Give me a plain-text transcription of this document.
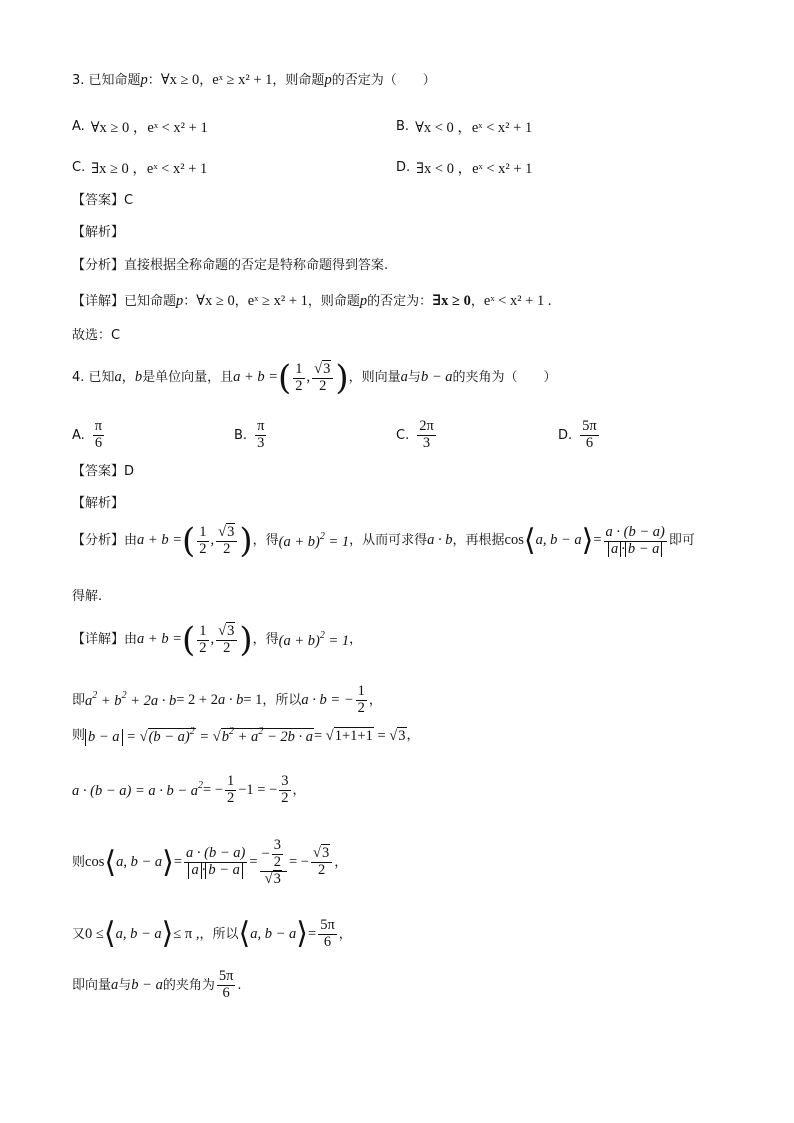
3. 已知命题 p ： ∀x ≥ 0 ， eˣ ≥ x² + 1 ，则命题 p 的否定为（　　）
A. ∀x ≥ 0 ，eˣ < x² + 1	B. ∀x < 0 ，eˣ < x² + 1
C. ∃x ≥ 0 ，eˣ < x² + 1	D. ∃x < 0 ，eˣ < x² + 1
【答案】 C
【解析】
【分析】 直接根据全称命题的否定是特称命题得到答案.
【详解】 已知命题 p ： ∀x ≥ 0 ， eˣ ≥ x² + 1 ，则命题 p 的否定为： ∃x ≥ 0 ， eˣ < x² + 1 .
故选：C
4. 已知 a ， b 是单位向量，且 a + b = ( $\frac{1}{2}$ , $\frac{√3}{2}$ ) ，则向量 a 与 b − a 的夹角为（　　）
A. $\frac{\pi}{6}$	B. $\frac{\pi}{3}$	C. $\frac{2\pi}{3}$	D. $\frac{5\pi}{6}$
【答案】 D
【解析】
【分析】 由 a + b = ( $\frac{1}{2}$ , $\frac{√3}{2}$ ) ，得 $(a + b)^2 = 1$ ，从而可求得 a · b ，再根据 cos ⟨ a, b − a ⟩ = $\frac{a \cdot (b - a)}{a \cdot b - a}$ 即可
得解.
【详解】 由 a + b = ( $\frac{1}{2}$ , $\frac{√3}{2}$ ) ，得 $(a + b)^2 = 1$ ，
即 $a^2 + b^2 + 2a \cdot b = 2 + 2$ a · b = 1 ，所以 a · b = − $\frac{1}{2}$ ，
则 $b - a = √(b - a)^2 = √b^2 + a^2 - 2b \cdot a = √1+1+1 = √3$ ，
$a \cdot (b - a) = a \cdot b - a^2$ = − $\frac{1}{2} -1$ = − $\frac{3}{2}$ ，
则 cos ⟨ a, b − a ⟩ = $\frac{a \cdot (b - a)}{a \cdot b - a} = \frac{- \frac{3}{2}}{√3}$ = − $\frac{√3}{2}$ ，
又 0 ≤ ⟨ a, b − a ⟩ ≤ π , ，所以 ⟨ a, b − a ⟩ = $\frac{5\pi}{6}$ ，
即向量 a 与 b − a 的夹角为 $\frac{5\pi}{6}$ .
